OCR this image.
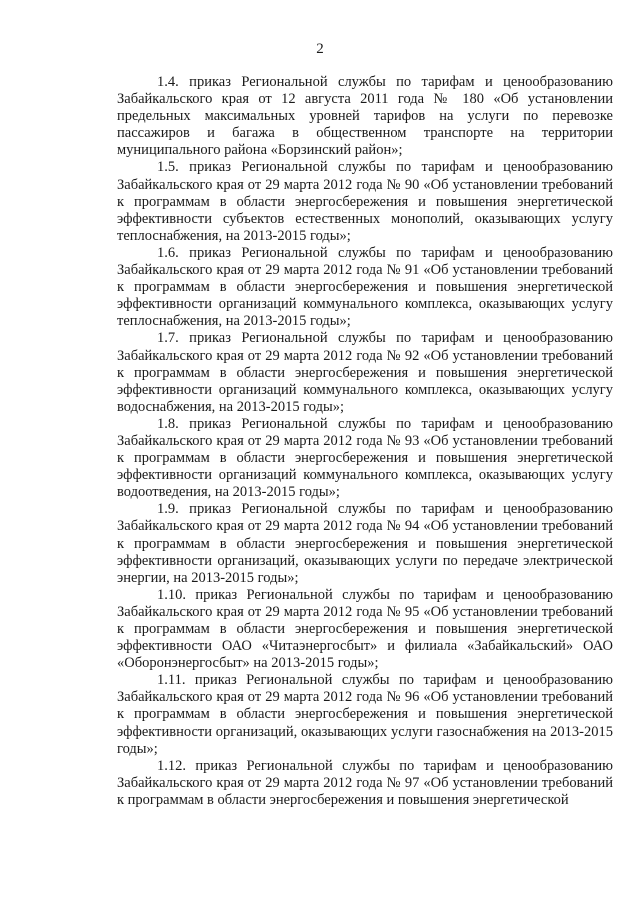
2

1.4. приказ Региональной службы по тарифам и ценообразованию Забайкальского края от 12 августа 2011 года № 180 «Об установлении предельных максимальных уровней тарифов на услуги по перевозке пассажиров и багажа в общественном транспорте на территории муниципального района «Борзинский район»;

1.5. приказ Региональной службы по тарифам и ценообразованию Забайкальского края от 29 марта 2012 года № 90 «Об установлении требований к программам в области энергосбережения и повышения энергетической эффективности субъектов естественных монополий, оказывающих услугу теплоснабжения, на 2013-2015 годы»;

1.6. приказ Региональной службы по тарифам и ценообразованию Забайкальского края от 29 марта 2012 года № 91 «Об установлении требований к программам в области энергосбережения и повышения энергетической эффективности организаций коммунального комплекса, оказывающих услугу теплоснабжения, на 2013-2015 годы»;

1.7. приказ Региональной службы по тарифам и ценообразованию Забайкальского края от 29 марта 2012 года № 92 «Об установлении требований к программам в области энергосбережения и повышения энергетической эффективности организаций коммунального комплекса, оказывающих услугу водоснабжения, на 2013-2015 годы»;

1.8. приказ Региональной службы по тарифам и ценообразованию Забайкальского края от 29 марта 2012 года № 93 «Об установлении требований к программам в области энергосбережения и повышения энергетической эффективности организаций коммунального комплекса, оказывающих услугу водоотведения, на 2013-2015 годы»;

1.9. приказ Региональной службы по тарифам и ценообразованию Забайкальского края от 29 марта 2012 года № 94 «Об установлении требований к программам в области энергосбережения и повышения энергетической эффективности организаций, оказывающих услуги по передаче электрической энергии, на 2013-2015 годы»;

1.10. приказ Региональной службы по тарифам и ценообразованию Забайкальского края от 29 марта 2012 года № 95 «Об установлении требований к программам в области энергосбережения и повышения энергетической эффективности ОАО «Читаэнергосбыт» и филиала «Забайкальский» ОАО «Оборонэнергосбыт» на 2013-2015 годы»;

1.11. приказ Региональной службы по тарифам и ценообразованию Забайкальского края от 29 марта 2012 года № 96 «Об установлении требований к программам в области энергосбережения и повышения энергетической эффективности организаций, оказывающих услуги газоснабжения на 2013-2015 годы»;

1.12. приказ Региональной службы по тарифам и ценообразованию Забайкальского края от 29 марта 2012 года № 97 «Об установлении требований к программам в области энергосбережения и повышения энергетической
